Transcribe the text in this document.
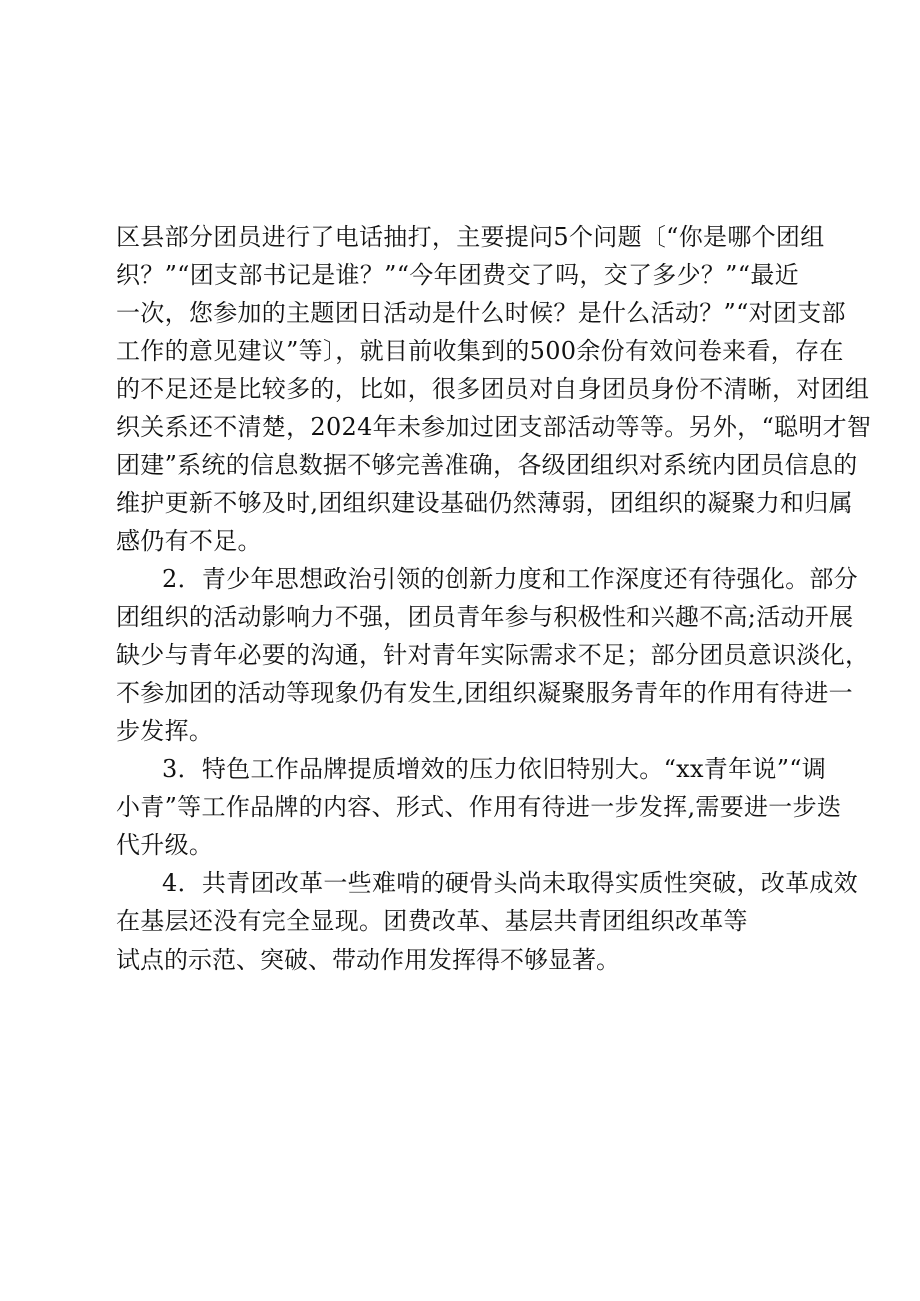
区县部分团员进行了电话抽打，主要提问5个问题〔“你是哪个团组
织？”“团支部书记是谁？”“今年团费交了吗，交了多少？”“最近
一次，您参加的主题团日活动是什么时候？是什么活动？”“对团支部
工作的意见建议”等〕，就目前收集到的500余份有效问卷来看，存在
的不足还是比较多的，比如，很多团员对自身团员身份不清晰，对团组
织关系还不清楚，2024年未参加过团支部活动等等。另外，“聪明才智
团建”系统的信息数据不够完善准确，各级团组织对系统内团员信息的
维护更新不够及时,团组织建设基础仍然薄弱，团组织的凝聚力和归属
感仍有不足。
2．青少年思想政治引领的创新力度和工作深度还有待强化。部分
团组织的活动影响力不强，团员青年参与积极性和兴趣不高;活动开展
缺少与青年必要的沟通，针对青年实际需求不足；部分团员意识淡化，
不参加团的活动等现象仍有发生,团组织凝聚服务青年的作用有待进一
步发挥。
3．特色工作品牌提质增效的压力依旧特别大。“xx青年说”“调
小青”等工作品牌的内容、形式、作用有待进一步发挥,需要进一步迭
代升级。
4．共青团改革一些难啃的硬骨头尚未取得实质性突破，改革成效
在基层还没有完全显现。团费改革、基层共青团组织改革等
试点的示范、突破、带动作用发挥得不够显著。
